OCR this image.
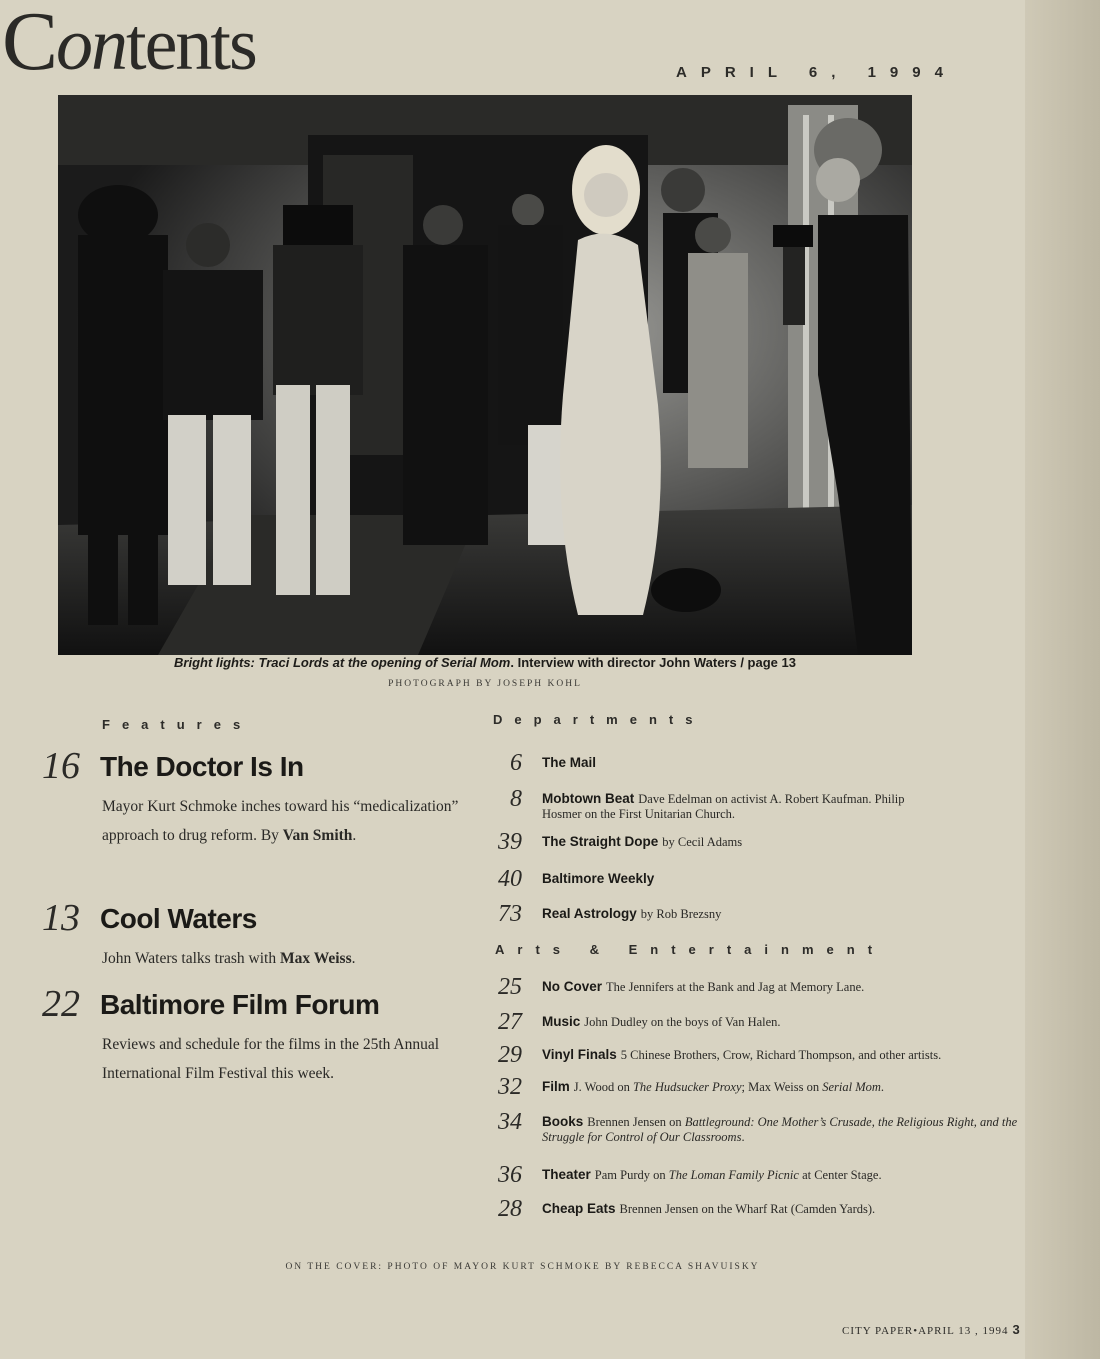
Contents	APRIL 6, 1994
Bright lights: Traci Lords at the opening of Serial Mom. Interview with director John Waters / page 13
PHOTOGRAPH BY JOSEPH KOHL
Features
16 The Doctor Is In
Mayor Kurt Schmoke inches toward his “medicalization” approach to drug reform. By Van Smith.
13 Cool Waters
John Waters talks trash with Max Weiss.
22 Baltimore Film Forum
Reviews and schedule for the films in the 25th Annual International Film Festival this week.
Departments
6 The Mail
8 Mobtown Beat Dave Edelman on activist A. Robert Kaufman. Philip Hosmer on the First Unitarian Church.
39 The Straight Dope by Cecil Adams
40 Baltimore Weekly
73 Real Astrology by Rob Brezsny
Arts & Entertainment
25 No Cover The Jennifers at the Bank and Jag at Memory Lane.
27 Music John Dudley on the boys of Van Halen.
29 Vinyl Finals 5 Chinese Brothers, Crow, Richard Thompson, and other artists.
32 Film J. Wood on The Hudsucker Proxy; Max Weiss on Serial Mom.
34 Books Brennen Jensen on Battleground: One Mother’s Crusade, the Religious Right, and the Struggle for Control of Our Classrooms.
36 Theater Pam Purdy on The Loman Family Picnic at Center Stage.
28 Cheap Eats Brennen Jensen on the Wharf Rat (Camden Yards).
ON THE COVER: PHOTO OF MAYOR KURT SCHMOKE BY REBECCA SHAVUISKY
CITY PAPER•APRIL 13 , 1994 3
